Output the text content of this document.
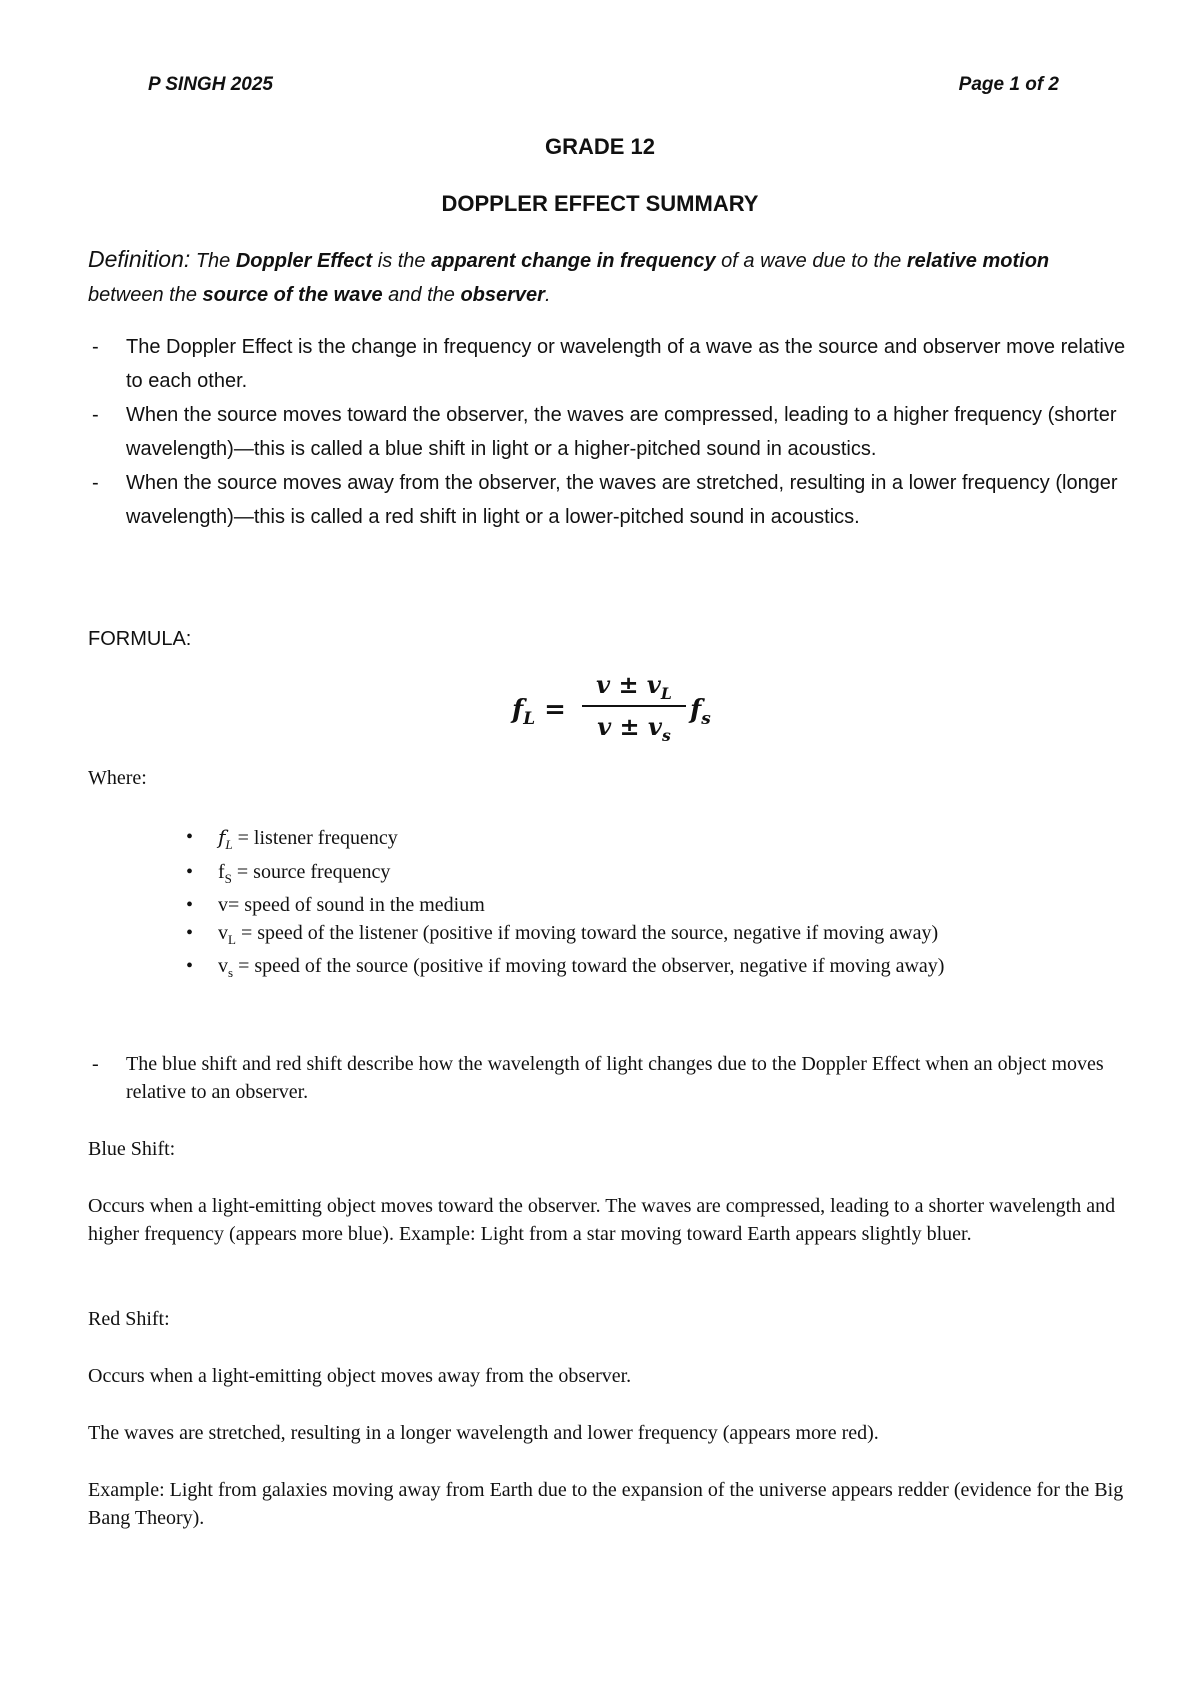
P SINGH 2025	Page 1 of 2
GRADE 12
DOPPLER EFFECT SUMMARY
Definition: The Doppler Effect is the apparent change in frequency of a wave due to the relative motion between the source of the wave and the observer.
- The Doppler Effect is the change in frequency or wavelength of a wave as the source and observer move relative to each other.
- When the source moves toward the observer, the waves are compressed, leading to a higher frequency (shorter wavelength)—this is called a blue shift in light or a higher-pitched sound in acoustics.
- When the source moves away from the observer, the waves are stretched, resulting in a lower frequency (longer wavelength)—this is called a red shift in light or a lower-pitched sound in acoustics.
FORMULA:
$f_L$ =
$v \pm v_L$
$v \pm v_s$
$f_s$
Where:
• $f_L$ = listener frequency
• $f_S$ = source frequency
• v= speed of sound in the medium
• $v_L$ = speed of the listener (positive if moving toward the source, negative if moving away)
• $v_s$ = speed of the source (positive if moving toward the observer, negative if moving away)
- The blue shift and red shift describe how the wavelength of light changes due to the Doppler Effect when an object moves relative to an observer.
Blue Shift:
Occurs when a light-emitting object moves toward the observer. The waves are compressed, leading to a shorter wavelength and higher frequency (appears more blue). Example: Light from a star moving toward Earth appears slightly bluer.
Red Shift:
Occurs when a light-emitting object moves away from the observer.
The waves are stretched, resulting in a longer wavelength and lower frequency (appears more red).
Example: Light from galaxies moving away from Earth due to the expansion of the universe appears redder (evidence for the Big Bang Theory).
